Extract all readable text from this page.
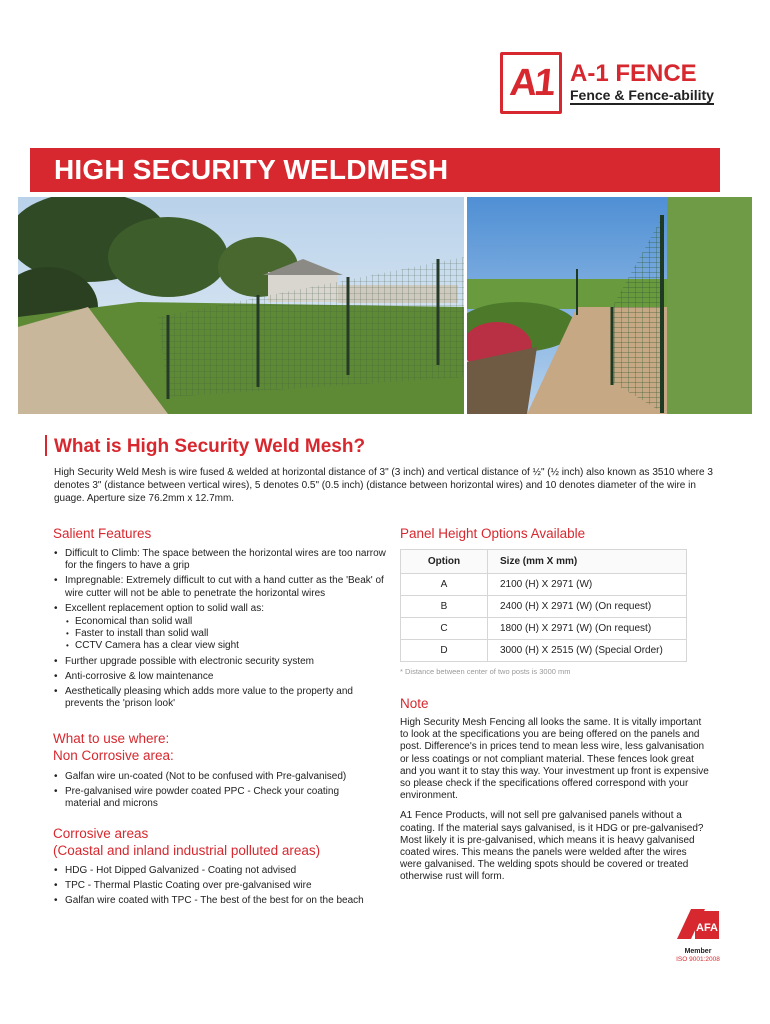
A1 A-1 FENCE
Fence & Fence-ability
HIGH SECURITY WELDMESH
What is High Security Weld Mesh?

High Security Weld Mesh is wire fused & welded at horizontal distance of 3" (3 inch) and vertical distance of ½" (½ inch) also known as 3510 where 3 denotes 3" (distance between vertical wires), 5 denotes 0.5" (0.5 inch) (distance between horizontal wires) and 10 denotes diameter of the wire in guage. Aperture size 76.2mm x 12.7mm.

Salient Features
• Difficult to Climb: The space between the horizontal wires are too narrow for the fingers to have a grip
• Impregnable: Extremely difficult to cut with a hand cutter as the 'Beak' of wire cutter will not be able to penetrate the horizontal wires
• Excellent replacement option to solid wall as:
• Economical than solid wall
• Faster to install than solid wall
• CCTV Camera has a clear view sight
• Further upgrade possible with electronic security system
• Anti-corrosive & low maintenance
• Aesthetically pleasing which adds more value to the property and prevents the 'prison look'
What to use where:
Non Corrosive area:
• Galfan wire un-coated (Not to be confused with Pre-galvanised)
• Pre-galvanised wire powder coated PPC - Check your coating material and microns
Corrosive areas
(Coastal and inland industrial polluted areas)
• HDG - Hot Dipped Galvanized - Coating not advised
• TPC - Thermal Plastic Coating over pre-galvanised wire
• Galfan wire coated with TPC - The best of the best for on the beach
Panel Height Options Available
Option	Size (mm X mm)
A	2100 (H) X 2971 (W)
B	2400 (H) X 2971 (W) (On request)
C	1800 (H) X 2971 (W) (On request)
D	3000 (H) X 2515 (W) (Special Order)
* Distance between center of two posts is 3000 mm
Note

High Security Mesh Fencing all looks the same. It is vitally important to look at the specifications you are being offered on the panels and post. Difference's in prices tend to mean less wire, less galvanisation or less coatings or not compliant material. These fences look great and you want it to stay this way. Your investment up front is expensive so please check if the specifications offered correspond with your environment.

A1 Fence Products, will not sell pre galvanised panels without a coating. If the material says galvanised, is it HDG or pre-galvanised? Most likely it is pre-galvanised, which means it is heavy galvanised coated wires. This means the panels were welded after the wires were galvanised. The welding spots should be covered or treated otherwise rust will form.

AFA
Member
ISO 9001:2008
